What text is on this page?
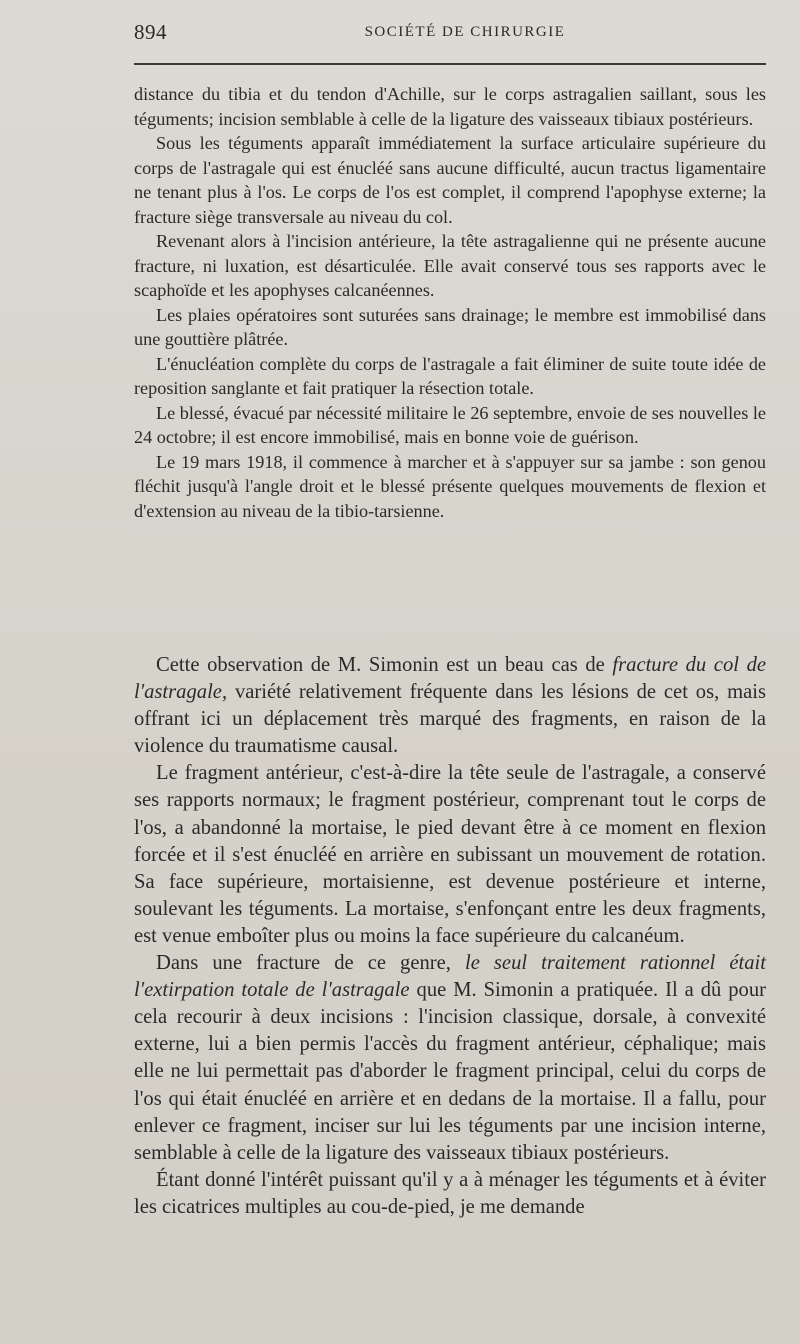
894	SOCIÉTÉ DE CHIRURGIE

distance du tibia et du tendon d'Achille, sur le corps astragalien saillant, sous les téguments; incision semblable à celle de la ligature des vaisseaux tibiaux postérieurs.

Sous les téguments apparaît immédiatement la surface articulaire supérieure du corps de l'astragale qui est énucléé sans aucune difficulté, aucun tractus ligamentaire ne tenant plus à l'os. Le corps de l'os est complet, il comprend l'apophyse externe; la fracture siège transversale au niveau du col.

Revenant alors à l'incision antérieure, la tête astragalienne qui ne présente aucune fracture, ni luxation, est désarticulée. Elle avait conservé tous ses rapports avec le scaphoïde et les apophyses calcanéennes.

Les plaies opératoires sont suturées sans drainage; le membre est immobilisé dans une gouttière plâtrée.

L'énucléation complète du corps de l'astragale a fait éliminer de suite toute idée de reposition sanglante et fait pratiquer la résection totale.

Le blessé, évacué par nécessité militaire le 26 septembre, envoie de ses nouvelles le 24 octobre; il est encore immobilisé, mais en bonne voie de guérison.

Le 19 mars 1918, il commence à marcher et à s'appuyer sur sa jambe : son genou fléchit jusqu'à l'angle droit et le blessé présente quelques mouvements de flexion et d'extension au niveau de la tibio-tarsienne.

Cette observation de M. Simonin est un beau cas de fracture du col de l'astragale, variété relativement fréquente dans les lésions de cet os, mais offrant ici un déplacement très marqué des fragments, en raison de la violence du traumatisme causal.

Le fragment antérieur, c'est-à-dire la tête seule de l'astragale, a conservé ses rapports normaux; le fragment postérieur, comprenant tout le corps de l'os, a abandonné la mortaise, le pied devant être à ce moment en flexion forcée et il s'est énucléé en arrière en subissant un mouvement de rotation. Sa face supérieure, mortaisienne, est devenue postérieure et interne, soulevant les téguments. La mortaise, s'enfonçant entre les deux fragments, est venue emboîter plus ou moins la face supérieure du calcanéum.

Dans une fracture de ce genre, le seul traitement rationnel était l'extirpation totale de l'astragale que M. Simonin a pratiquée. Il a dû pour cela recourir à deux incisions : l'incision classique, dorsale, à convexité externe, lui a bien permis l'accès du fragment antérieur, céphalique; mais elle ne lui permettait pas d'aborder le fragment principal, celui du corps de l'os qui était énucléé en arrière et en dedans de la mortaise. Il a fallu, pour enlever ce fragment, inciser sur lui les téguments par une incision interne, semblable à celle de la ligature des vaisseaux tibiaux postérieurs.

Étant donné l'intérêt puissant qu'il y a à ménager les téguments et à éviter les cicatrices multiples au cou-de-pied, je me demande
